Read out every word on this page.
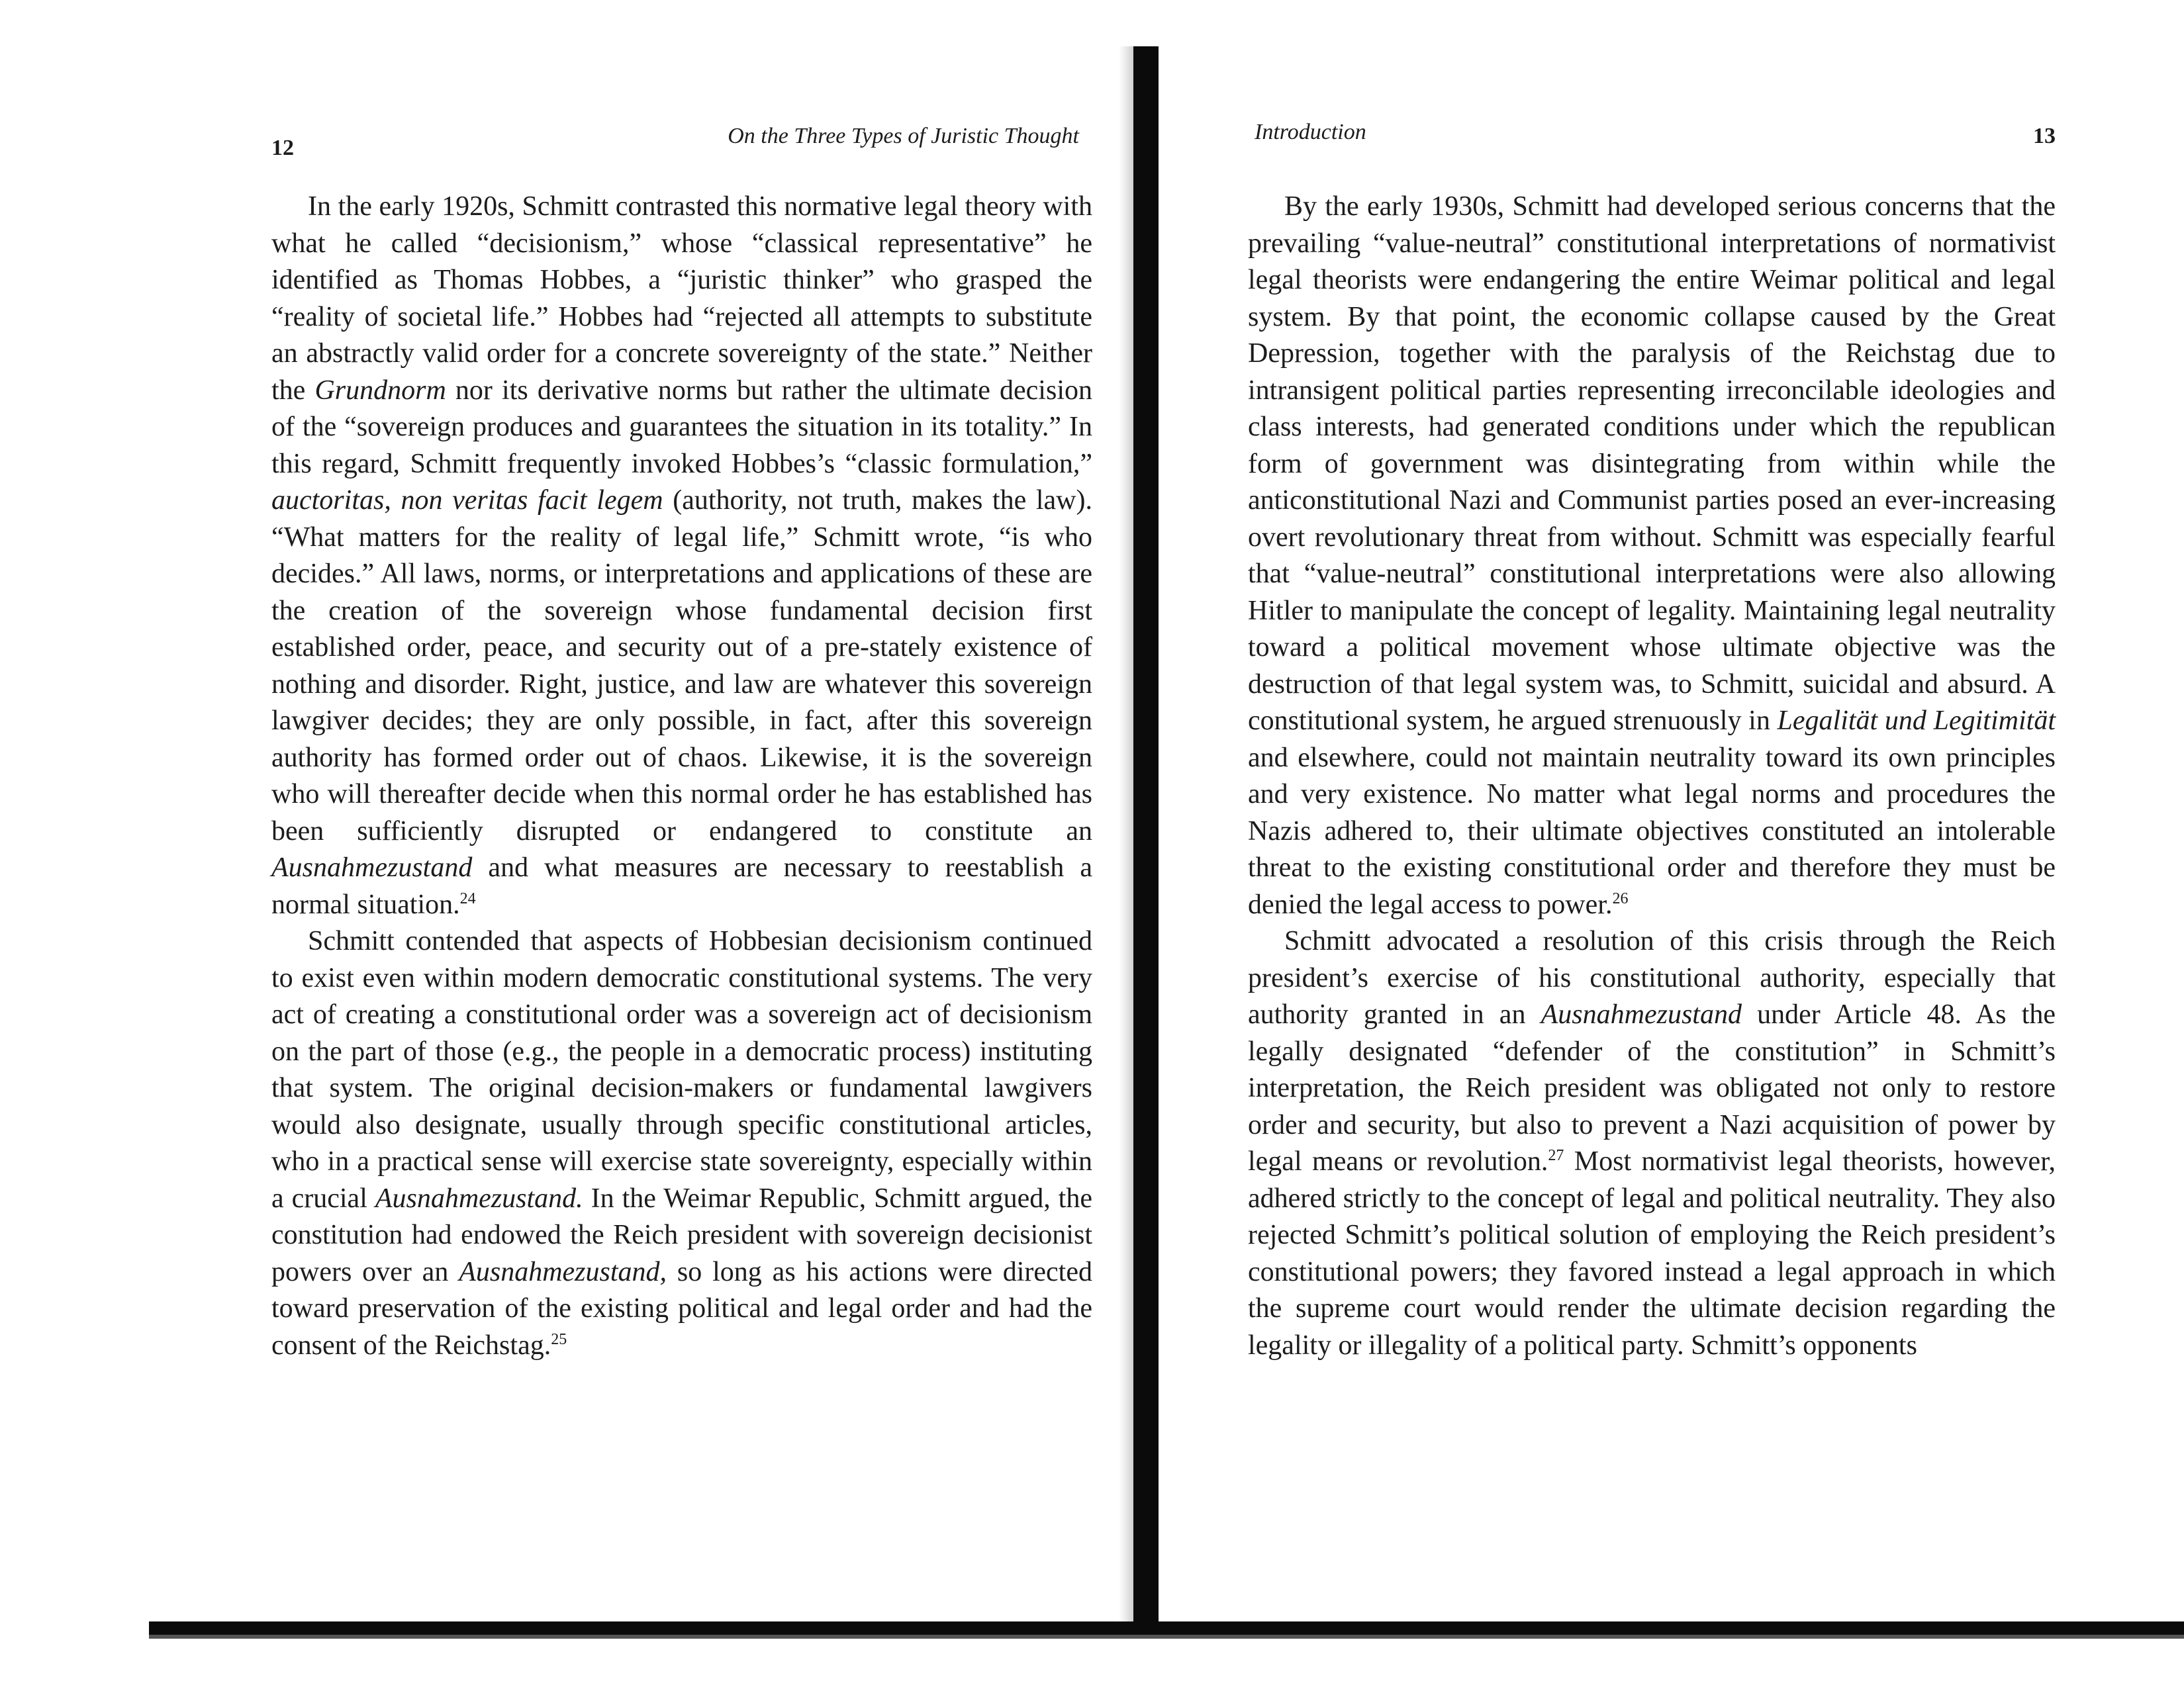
12	On the Three Types of Juristic Thought

In the early 1920s, Schmitt contrasted this normative legal theory with what he called “decisionism,” whose “classical representative” he identified as Thomas Hobbes, a “juristic thinker” who grasped the “reality of societal life.” Hobbes had “rejected all attempts to substitute an abstractly valid order for a concrete sovereignty of the state.” Neither the Grundnorm nor its derivative norms but rather the ultimate decision of the “sovereign produces and guarantees the situation in its totality.” In this regard, Schmitt frequently invoked Hobbes’s “classic formulation,” auctoritas, non veritas facit legem (authority, not truth, makes the law). “What matters for the reality of legal life,” Schmitt wrote, “is who decides.” All laws, norms, or interpretations and applications of these are the creation of the sovereign whose fundamental decision first established order, peace, and security out of a pre-stately existence of nothing and disorder. Right, justice, and law are whatever this sovereign lawgiver decides; they are only possible, in fact, after this sovereign authority has formed order out of chaos. Likewise, it is the sovereign who will thereafter decide when this normal order he has established has been sufficiently disrupted or endangered to constitute an Ausnahmezustand and what measures are necessary to reestablish a normal situation.$^{24}$

Schmitt contended that aspects of Hobbesian decisionism continued to exist even within modern democratic constitutional systems. The very act of creating a constitutional order was a sovereign act of decisionism on the part of those (e.g., the people in a democratic process) instituting that system. The original decision-makers or fundamental lawgivers would also designate, usually through specific constitutional articles, who in a practical sense will exercise state sovereignty, especially within a crucial Ausnahmezustand. In the Weimar Republic, Schmitt argued, the constitution had endowed the Reich president with sovereign decisionist powers over an Ausnahmezustand, so long as his actions were directed toward preservation of the existing political and legal order and had the consent of the Reichstag.$^{25}$

Introduction	13

By the early 1930s, Schmitt had developed serious concerns that the prevailing “value-neutral” constitutional interpretations of normativist legal theorists were endangering the entire Weimar political and legal system. By that point, the economic collapse caused by the Great Depression, together with the paralysis of the Reichstag due to intransigent political parties representing irreconcilable ideologies and class interests, had generated conditions under which the republican form of government was disintegrating from within while the anticonstitutional Nazi and Communist parties posed an ever-increasing overt revolutionary threat from without. Schmitt was especially fearful that “value-neutral” constitutional interpretations were also allowing Hitler to manipulate the concept of legality. Maintaining legal neutrality toward a political movement whose ultimate objective was the destruction of that legal system was, to Schmitt, suicidal and absurd. A constitutional system, he argued strenuously in Legalität und Legitimität and elsewhere, could not maintain neutrality toward its own principles and very existence. No matter what legal norms and procedures the Nazis adhered to, their ultimate objectives constituted an intolerable threat to the existing constitutional order and therefore they must be denied the legal access to power.$^{26}$

Schmitt advocated a resolution of this crisis through the Reich president’s exercise of his constitutional authority, especially that authority granted in an Ausnahmezustand under Article 48. As the legally designated “defender of the constitution” in Schmitt’s interpretation, the Reich president was obligated not only to restore order and security, but also to prevent a Nazi acquisition of power by legal means or revolution.$^{27}$ Most normativist legal theorists, however, adhered strictly to the concept of legal and political neutrality. They also rejected Schmitt’s political solution of employing the Reich president’s constitutional powers; they favored instead a legal approach in which the supreme court would render the ultimate decision regarding the legality or illegality of a political party. Schmitt’s opponents
